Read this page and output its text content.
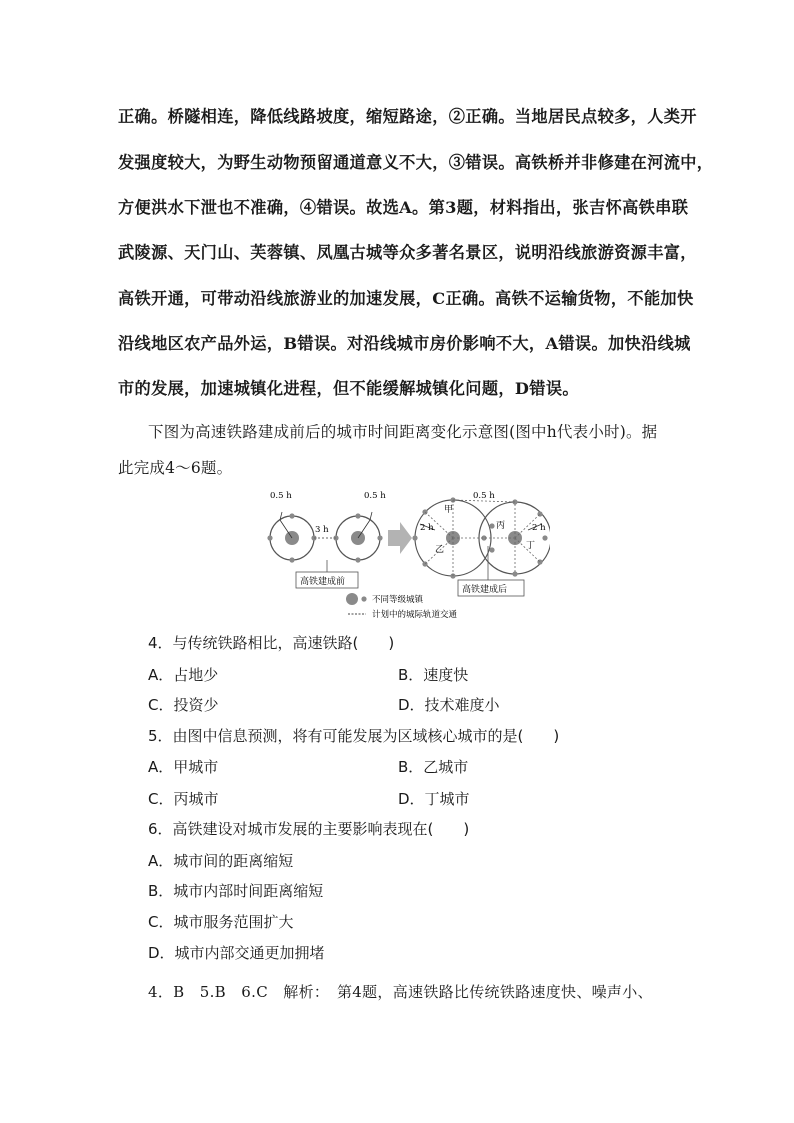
正确。桥隧相连，降低线路坡度，缩短路途，②正确。当地居民点较多，人类开
发强度较大，为野生动物预留通道意义不大，③错误。高铁桥并非修建在河流中，
方便洪水下泄也不准确，④错误。故选A。第3题，材料指出，张吉怀高铁串联
武陵源、天门山、芙蓉镇、凤凰古城等众多著名景区，说明沿线旅游资源丰富，
高铁开通，可带动沿线旅游业的加速发展，C正确。高铁不运输货物，不能加快
沿线地区农产品外运，B错误。对沿线城市房价影响不大，A错误。加快沿线城
市的发展，加速城镇化进程，但不能缓解城镇化问题，D错误。
下图为高速铁路建成前后的城市时间距离变化示意图(图中h代表小时)。据
此完成4～6题。
0.5 h	0.5 h
3 h
高铁建成前
0.5 h
2 h	2 h
甲
乙
丙
丁
高铁建成后
不同等级城镇
计划中的城际轨道交通
4．与传统铁路相比，高速铁路(　　)
A．占地少	B．速度快
C．投资少	D．技术难度小
5．由图中信息预测，将有可能发展为区域核心城市的是(　　)
A．甲城市	B．乙城市
C．丙城市	D．丁城市
6．高铁建设对城市发展的主要影响表现在(　　)
A．城市间的距离缩短
B．城市内部时间距离缩短
C．城市服务范围扩大
D．城市内部交通更加拥堵
4．B　5.B　6.C　解析：　第4题，高速铁路比传统铁路速度快、噪声小、
